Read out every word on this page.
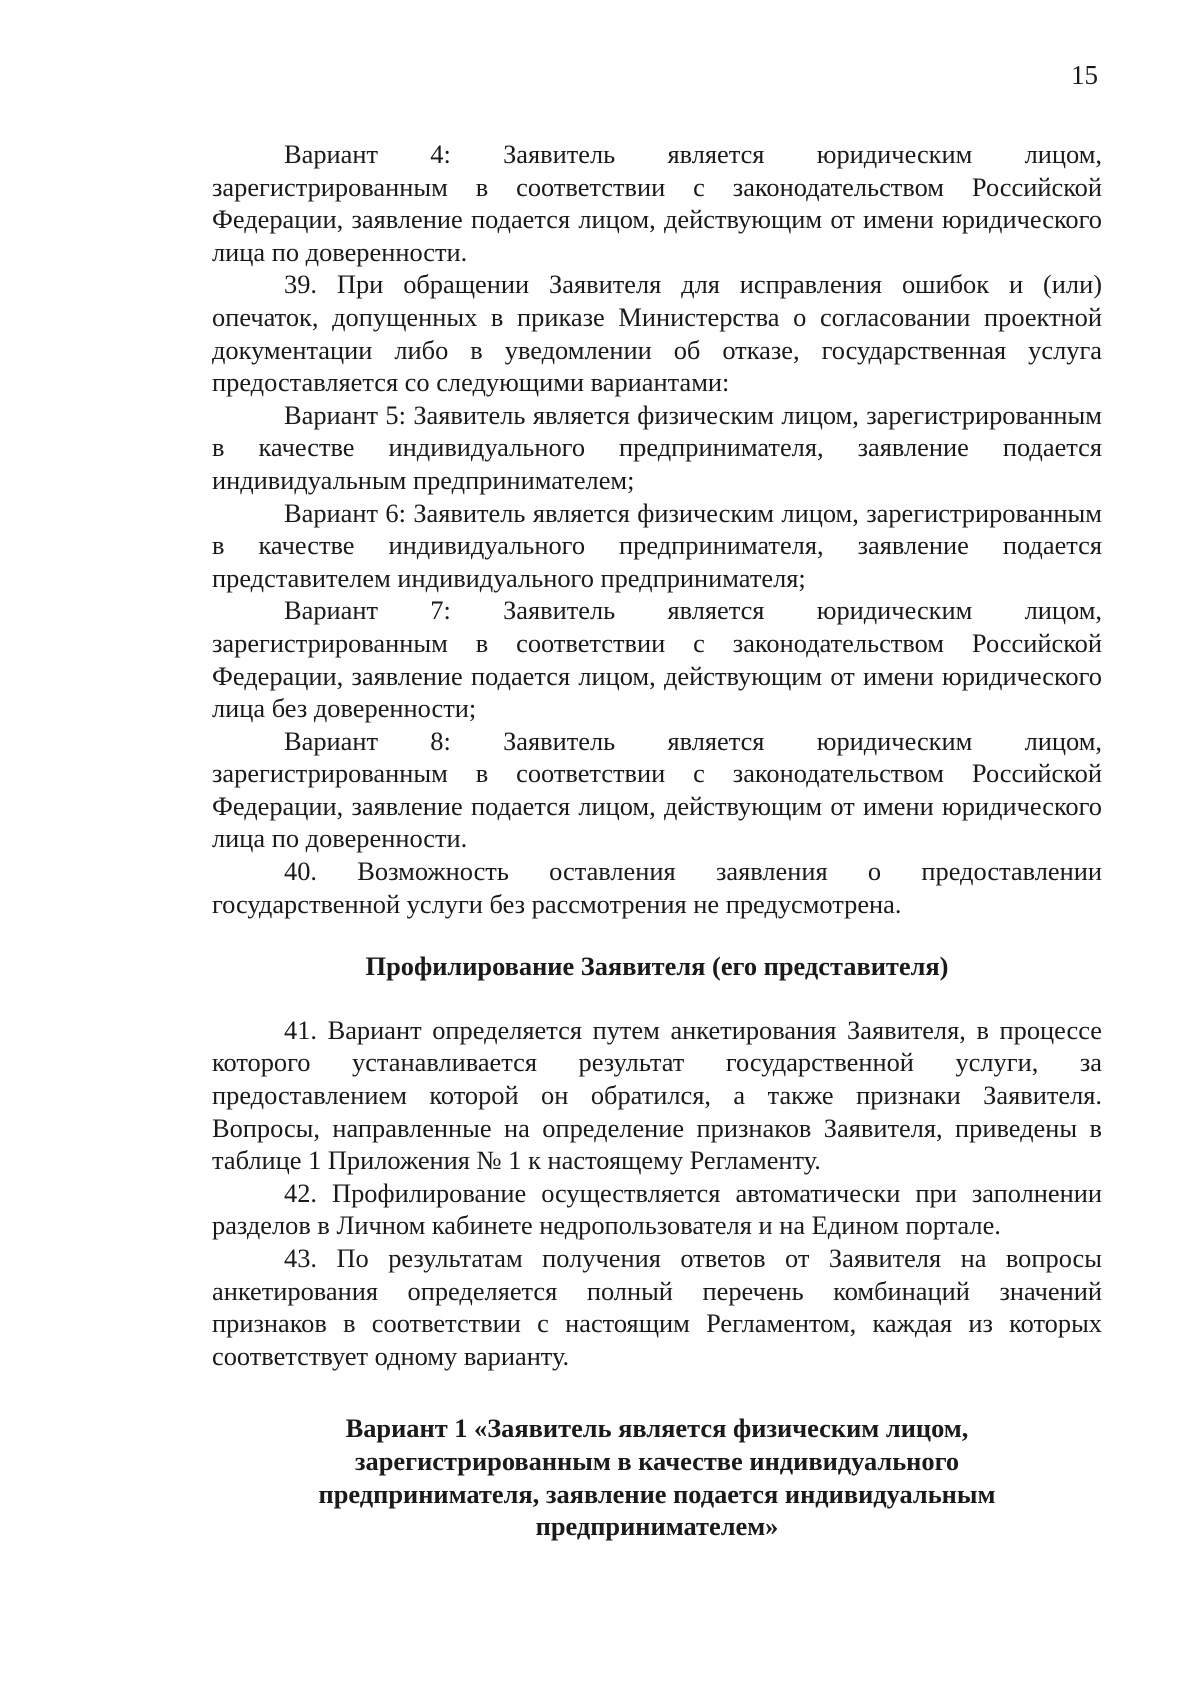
15

Вариант 4: Заявитель является юридическим лицом, зарегистрированным в соответствии с законодательством Российской Федерации, заявление подается лицом, действующим от имени юридического лица по доверенности.

39. При обращении Заявителя для исправления ошибок и (или) опечаток, допущенных в приказе Министерства о согласовании проектной документации либо в уведомлении об отказе, государственная услуга предоставляется со следующими вариантами:

Вариант 5: Заявитель является физическим лицом, зарегистрированным в качестве индивидуального предпринимателя, заявление подается индивидуальным предпринимателем;

Вариант 6: Заявитель является физическим лицом, зарегистрированным в качестве индивидуального предпринимателя, заявление подается представителем индивидуального предпринимателя;

Вариант 7: Заявитель является юридическим лицом, зарегистрированным в соответствии с законодательством Российской Федерации, заявление подается лицом, действующим от имени юридического лица без доверенности;

Вариант 8: Заявитель является юридическим лицом, зарегистрированным в соответствии с законодательством Российской Федерации, заявление подается лицом, действующим от имени юридического лица по доверенности.

40. Возможность оставления заявления о предоставлении государственной услуги без рассмотрения не предусмотрена.

Профилирование Заявителя (его представителя)

41. Вариант определяется путем анкетирования Заявителя, в процессе которого устанавливается результат государственной услуги, за предоставлением которой он обратился, а также признаки Заявителя. Вопросы, направленные на определение признаков Заявителя, приведены в таблице 1 Приложения № 1 к настоящему Регламенту.

42. Профилирование осуществляется автоматически при заполнении разделов в Личном кабинете недропользователя и на Едином портале.

43. По результатам получения ответов от Заявителя на вопросы анкетирования определяется полный перечень комбинаций значений признаков в соответствии с настоящим Регламентом, каждая из которых соответствует одному варианту.

Вариант 1 «Заявитель является физическим лицом,
зарегистрированным в качестве индивидуального
предпринимателя, заявление подается индивидуальным
предпринимателем»
